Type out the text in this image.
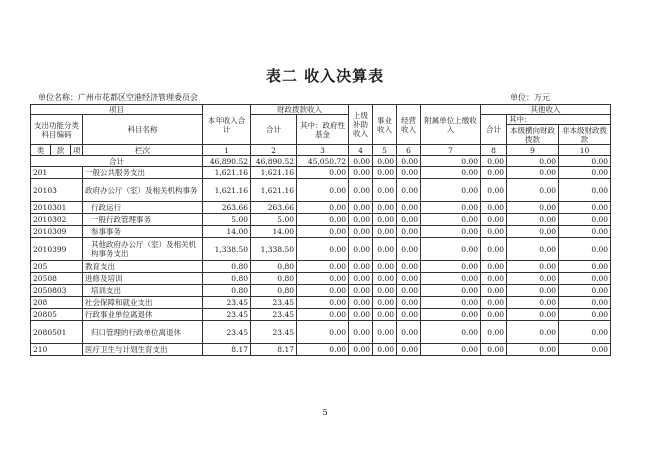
表二 收入决算表
单位名称：广州市花都区空港经济管理委员会	单位：万元
项目				本年收入合计	财政拨款收入		上级补助收入	事业收入	经营收入	附属单位上缴收入	其他收入		
支出功能分类科目编码			科目名称		合计	其中：政府性基金					合计	其中：	
												本级横向财政拨款	非本级财政拨款
类	款	项	栏次	1	2	3	4	5	6	7	8	9	10
合计				46,890.52	46,890.52	45,050.72	0.00	0.00	0.00	0.00	0.00	0.00	0.00
201			一般公共服务支出	1,621.16	1,621.16	0.00	0.00	0.00	0.00	0.00	0.00	0.00	0.00
20103			政府办公厅（室）及相关机构事务	1,621.16	1,621.16	0.00	0.00	0.00	0.00	0.00	0.00	0.00	0.00
2010301			行政运行	263.66	263.66	0.00	0.00	0.00	0.00	0.00	0.00	0.00	0.00
2010302			一般行政管理事务	5.00	5.00	0.00	0.00	0.00	0.00	0.00	0.00	0.00	0.00
2010309			参事事务	14.00	14.00	0.00	0.00	0.00	0.00	0.00	0.00	0.00	0.00
2010399			其他政府办公厅（室）及相关机构事务支出	1,338.50	1,338.50	0.00	0.00	0.00	0.00	0.00	0.00	0.00	0.00
205			教育支出	0.80	0.80	0.00	0.00	0.00	0.00	0.00	0.00	0.00	0.00
20508			进修及培训	0.80	0.80	0.00	0.00	0.00	0.00	0.00	0.00	0.00	0.00
2050803			培训支出	0.80	0.80	0.00	0.00	0.00	0.00	0.00	0.00	0.00	0.00
208			社会保障和就业支出	23.45	23.45	0.00	0.00	0.00	0.00	0.00	0.00	0.00	0.00
20805			行政事业单位离退休	23.45	23.45	0.00	0.00	0.00	0.00	0.00	0.00	0.00	0.00
2080501			归口管理的行政单位离退休	23.45	23.45	0.00	0.00	0.00	0.00	0.00	0.00	0.00	0.00
210			医疗卫生与计划生育支出	8.17	8.17	0.00	0.00	0.00	0.00	0.00	0.00	0.00	0.00
5
